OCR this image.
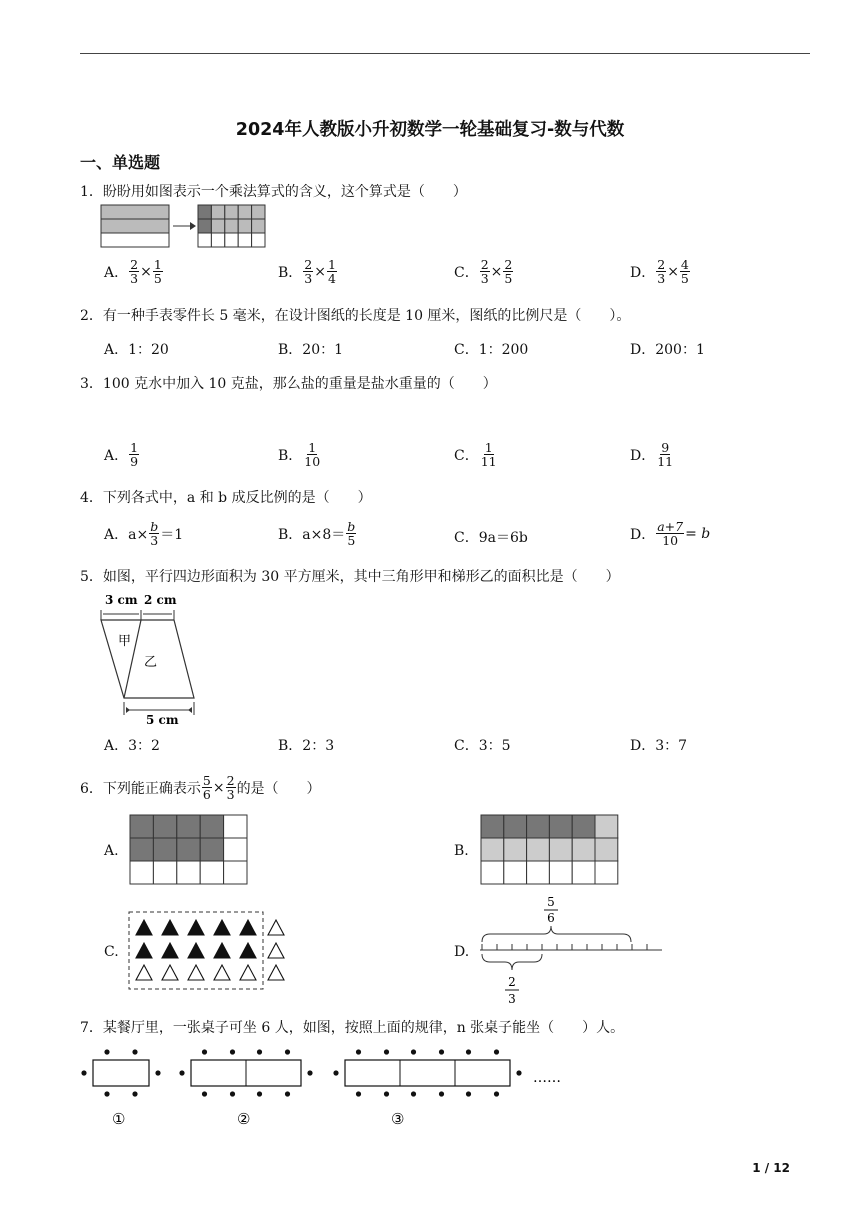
2024年人教版小升初数学一轮基础复习-数与代数
一、单选题
1．盼盼用如图表示一个乘法算式的含义，这个算式是（　　）
A． $\frac{2}{3} \times \frac{1}{5}$	B． $\frac{2}{3} \times \frac{1}{4}$	C． $\frac{2}{3} \times \frac{2}{5}$	D． $\frac{2}{3} \times \frac{4}{5}$
2．有一种手表零件长 5 毫米，在设计图纸的长度是 10 厘米，图纸的比例尺是（　　）。
A．1：20	B．20：1	C．1：200	D．200：1
3．100 克水中加入 10 克盐，那么盐的重量是盐水重量的（　　）
A． $\frac{1}{9}$	B． $\frac{1}{10}$	C． $\frac{1}{11}$	D． $\frac{9}{11}$
4．下列各式中，a 和 b 成反比例的是（　　）
A．$a\times \frac{b}{3} =1$	B．$a\times 8= \frac{b}{5}$	C．9a＝6b	D． $\frac{a+7}{10} = b$
5．如图，平行四边形面积为 30 平方厘米，其中三角形甲和梯形乙的面积比是（　　）
3 cm 2 cm
甲
乙
5 cm
A．3：2	B．2：3	C．3：5	D．3：7
6．下列能正确表示 $\frac{5}{6} \times \frac{2}{3}$ 的是（　　）
A.	B.
C.	D.
5
6
2
3
7．某餐厅里，一张桌子可坐 6 人，如图，按照上面的规律，n 张桌子能坐（　　）人。
……
①	②	③
1 / 12
